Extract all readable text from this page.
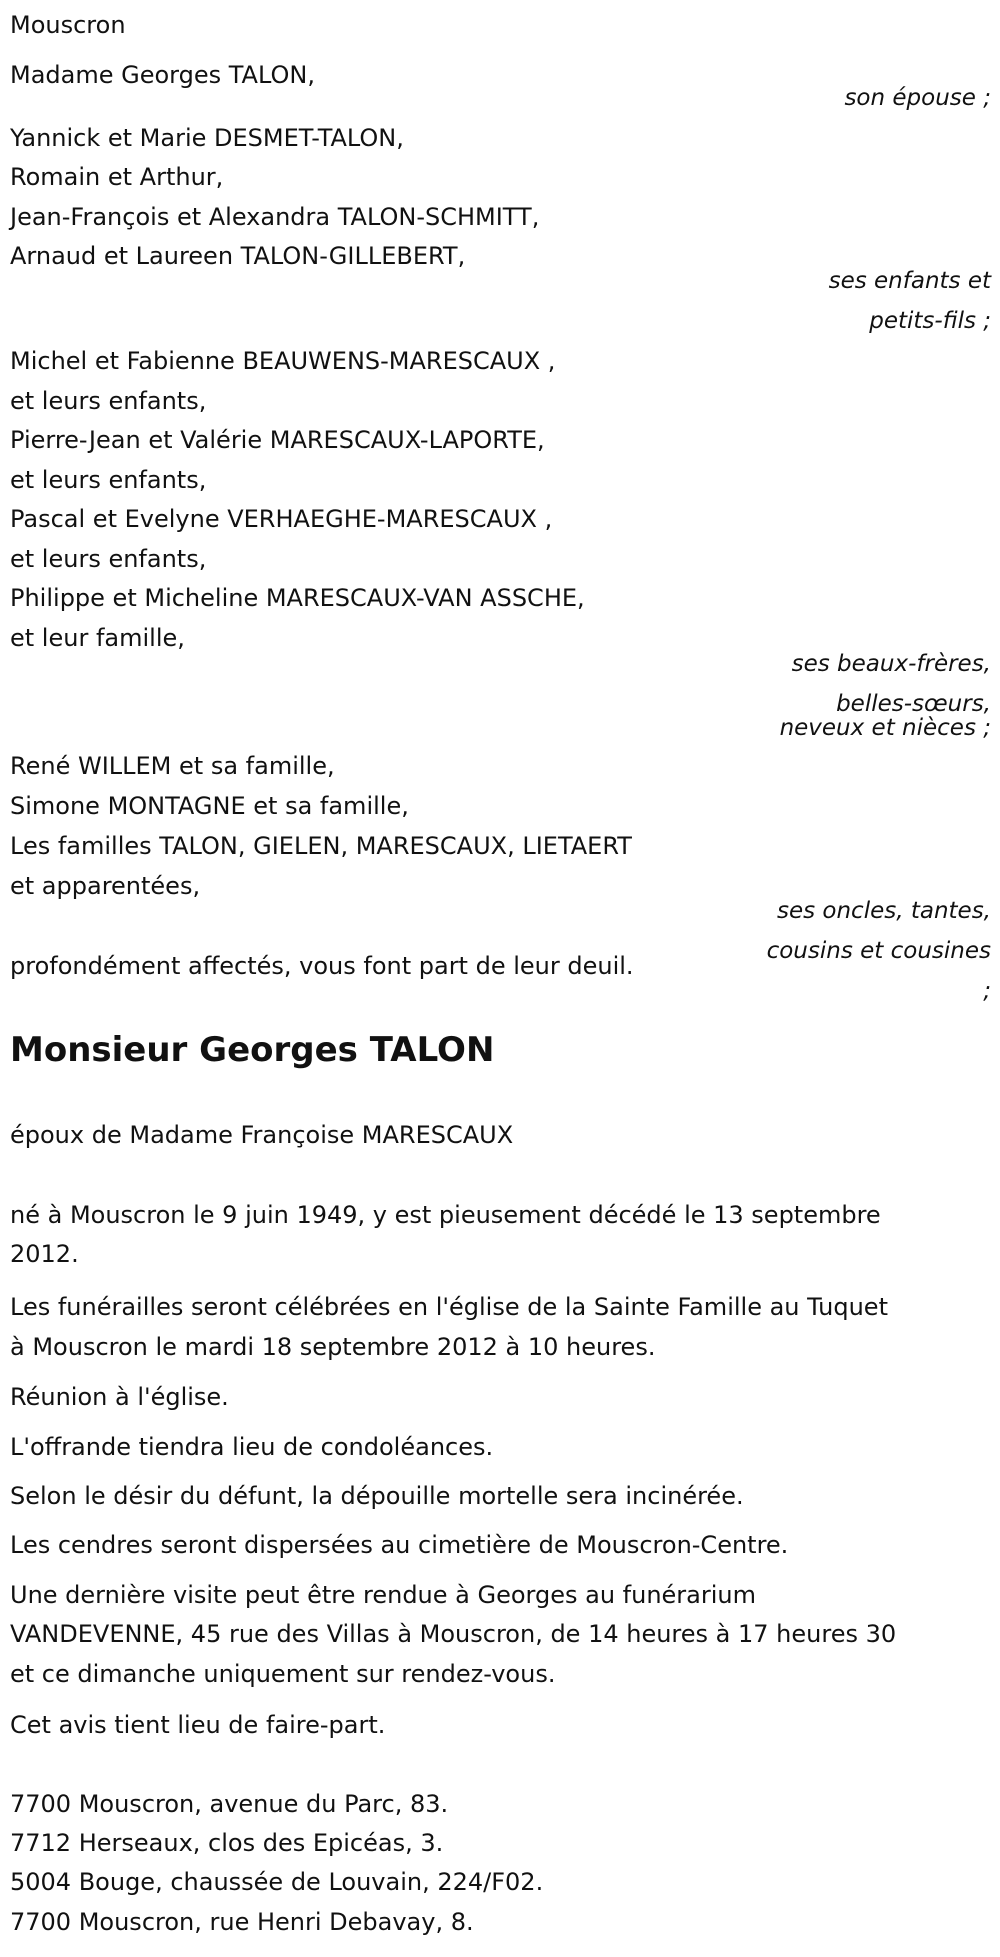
Mouscron
Madame Georges TALON,
son épouse ;
Yannick et Marie DESMET-TALON,
Romain et Arthur,
Jean-François et Alexandra TALON-SCHMITT,
Arnaud et Laureen TALON-GILLEBERT,
ses enfants et
petits-fils ;
Michel et Fabienne BEAUWENS-MARESCAUX ,
et leurs enfants,
Pierre-Jean et Valérie MARESCAUX-LAPORTE,
et leurs enfants,
Pascal et Evelyne VERHAEGHE-MARESCAUX ,
et leurs enfants,
Philippe et Micheline MARESCAUX-VAN ASSCHE,
et leur famille,
ses beaux-frères,
belles-sœurs,
neveux et nièces ;
René WILLEM et sa famille,
Simone MONTAGNE et sa famille,
Les familles TALON, GIELEN, MARESCAUX, LIETAERT
et apparentées,
ses oncles, tantes,
cousins et cousines
;
profondément affectés, vous font part de leur deuil.
Monsieur Georges TALON
époux de Madame Françoise MARESCAUX
né à Mouscron le 9 juin 1949, y est pieusement décédé le 13 septembre
2012.
Les funérailles seront célébrées en l'église de la Sainte Famille au Tuquet
à Mouscron le mardi 18 septembre 2012 à 10 heures.
Réunion à l'église.
L'offrande tiendra lieu de condoléances.
Selon le désir du défunt, la dépouille mortelle sera incinérée.
Les cendres seront dispersées au cimetière de Mouscron-Centre.
Une dernière visite peut être rendue à Georges au funérarium
VANDEVENNE, 45 rue des Villas à Mouscron, de 14 heures à 17 heures 30
et ce dimanche uniquement sur rendez-vous.
Cet avis tient lieu de faire-part.
7700 Mouscron, avenue du Parc, 83.
7712 Herseaux, clos des Epicéas, 3.
5004 Bouge, chaussée de Louvain, 224/F02.
7700 Mouscron, rue Henri Debavay, 8.
